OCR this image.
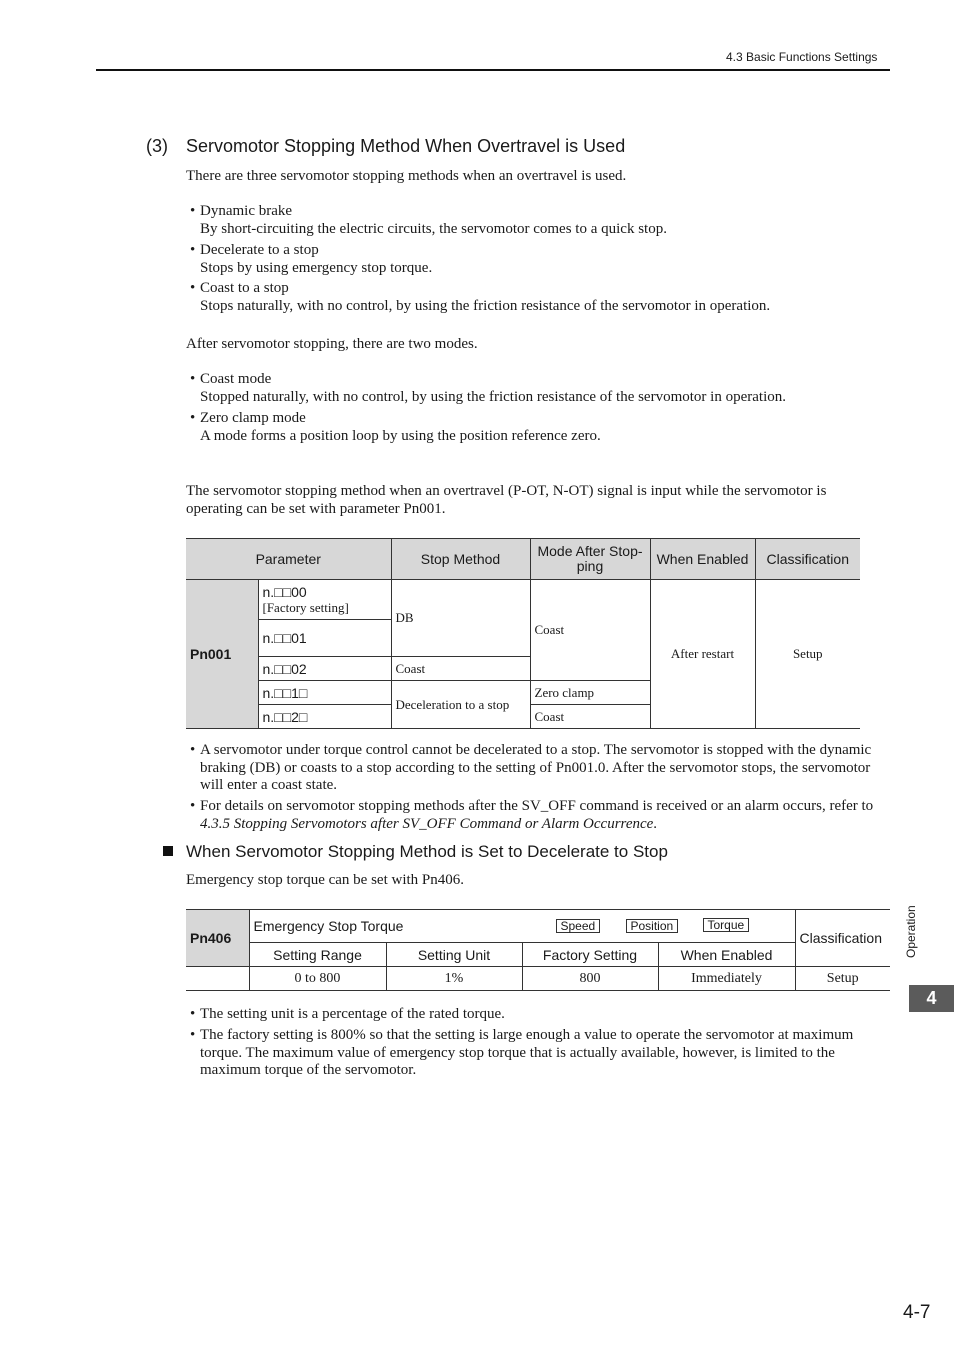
4.3 Basic Functions Settings
(3) Servomotor Stopping Method When Overtravel is Used

There are three servomotor stopping methods when an overtravel is used.

• Dynamic brake
By short-circuiting the electric circuits, the servomotor comes to a quick stop.
• Decelerate to a stop
Stops by using emergency stop torque.
• Coast to a stop
Stops naturally, with no control, by using the friction resistance of the servomotor in operation.

After servomotor stopping, there are two modes.

• Coast mode
Stopped naturally, with no control, by using the friction resistance of the servomotor in operation.
• Zero clamp mode
A mode forms a position loop by using the position reference zero.

The servomotor stopping method when an overtravel (P-OT, N-OT) signal is input while the servomotor is operating can be set with parameter Pn001.

Parameter		Stop Method	Mode After Stop-ping	When Enabled	Classification
Pn001	n.□□00
[Factory setting]	DB	Coast	After restart	Setup
	n.□□01				
	n.□□02	Coast			
	n.□□1□	Deceleration to a stop	Zero clamp		
	n.□□2□		Coast		
• A servomotor under torque control cannot be decelerated to a stop. The servomotor is stopped with the dynamic braking (DB) or coasts to a stop according to the setting of Pn001.0. After the servomotor stops, the servomotor will enter a coast state.
• For details on servomotor stopping methods after the SV_OFF command is received or an alarm occurs, refer to 4.3.5 Stopping Servomotors after SV_OFF Command or Alarm Occurrence.
When Servomotor Stopping Method is Set to Decelerate to Stop

Emergency stop torque can be set with Pn406.

Pn406	Emergency Stop Torque Speed Position Torque				Classification
	Setting Range	Setting Unit	Factory Setting	When Enabled	
	0 to 800	1%	800	Immediately	Setup
• The setting unit is a percentage of the rated torque.
• The factory setting is 800% so that the setting is large enough a value to operate the servomotor at maximum torque. The maximum value of emergency stop torque that is actually available, however, is limited to the maximum torque of the servomotor.
Operation
4
4-7
